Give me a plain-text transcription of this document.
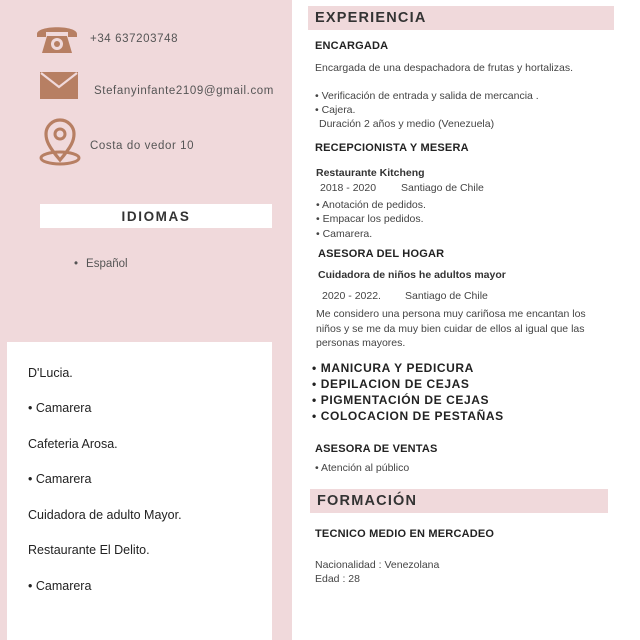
+34 637203748
Stefanyinfante2109@gmail.com
Costa do vedor 10
IDIOMAS
• Español
D'Lucia.
• Camarera
Cafeteria Arosa.
• Camarera
Cuidadora de adulto Mayor.
Restaurante El Delito.
• Camarera
EXPERIENCIA
ENCARGADA
Encargada de una despachadora de frutas y hortalizas.
• Verificación de entrada y salida de mercancia .
• Cajera.
Duración 2 años y medio (Venezuela)
RECEPCIONISTA Y MESERA
Restaurante Kitcheng
2018 - 2020 Santiago de Chile
• Anotación de pedidos.
• Empacar los pedidos.
• Camarera.
ASESORA DEL HOGAR
Cuidadora de niños he adultos mayor
2020 - 2022. Santiago de Chile
Me considero una persona muy cariñosa me encantan los niños y se me da muy bien cuidar de ellos al igual que las personas mayores.
• MANICURA Y PEDICURA
• DEPILACION DE CEJAS
• PIGMENTACIÓN DE CEJAS
• COLOCACION DE PESTAÑAS
ASESORA DE VENTAS
• Atención al público
FORMACIÓN
TECNICO MEDIO EN MERCADEO
Nacionalidad : Venezolana
Edad : 28
